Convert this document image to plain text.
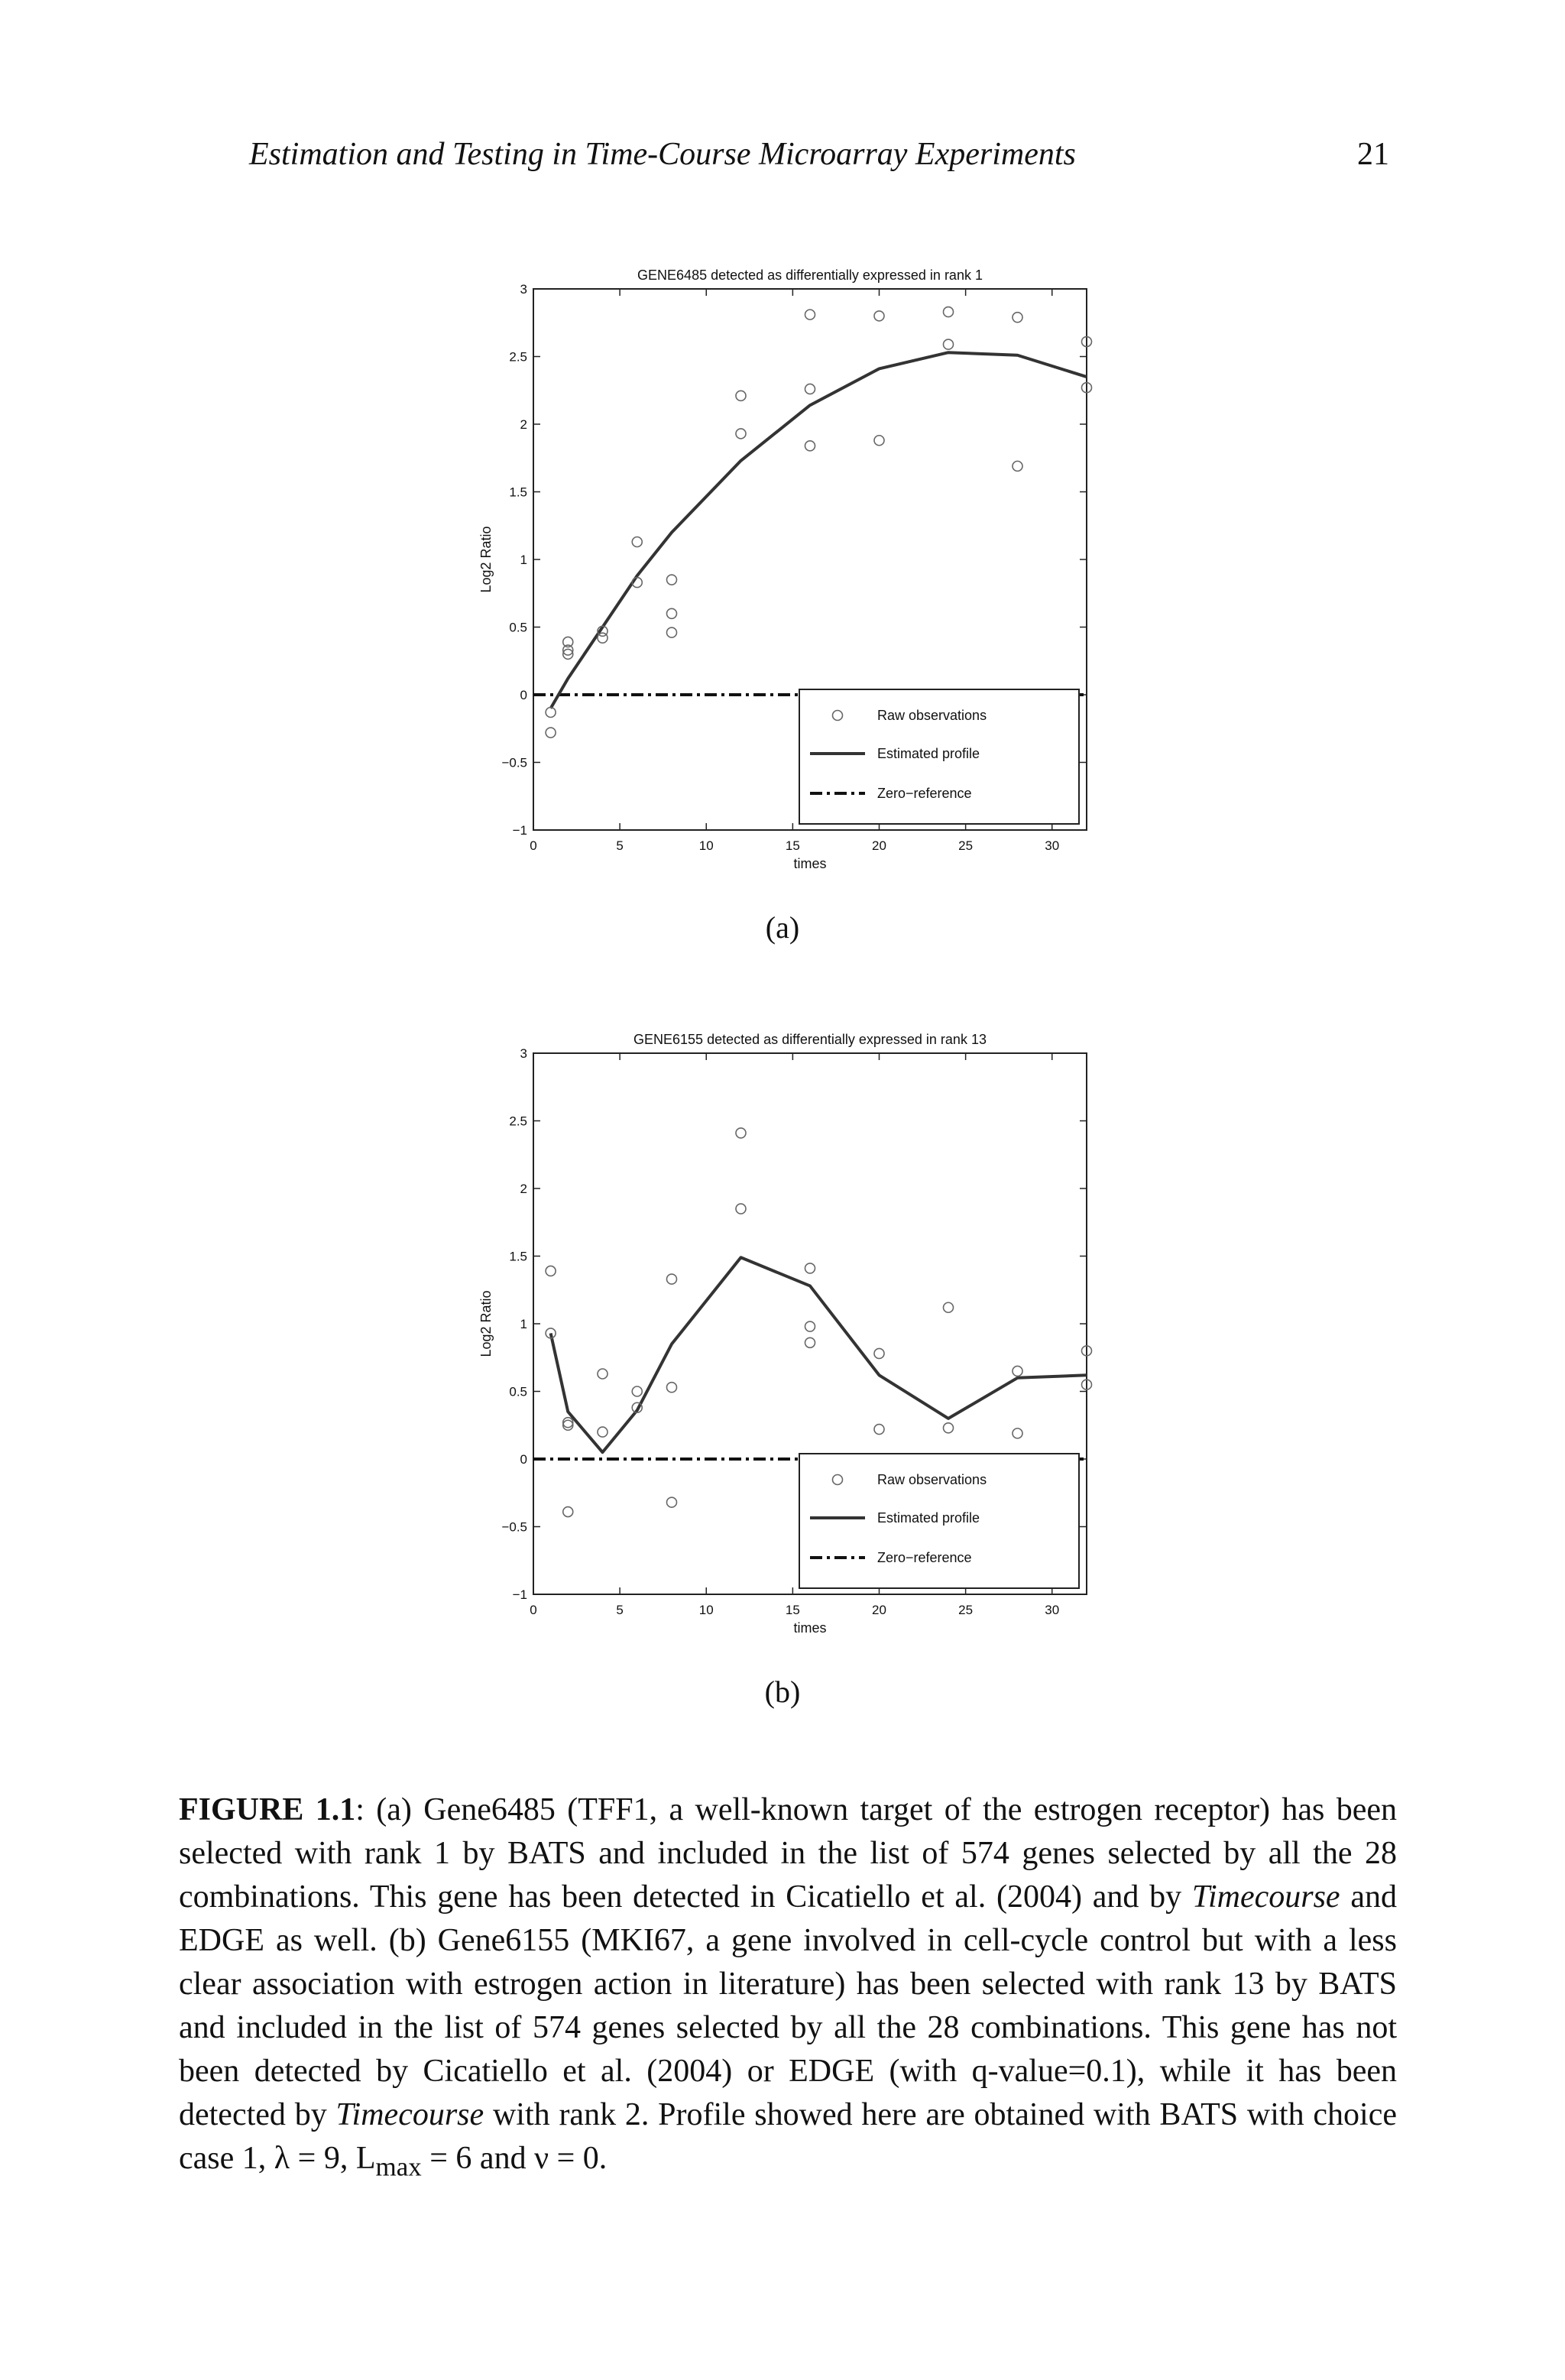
Estimation and Testing in Time-Course Microarray Experiments	21
0	5	10	15	20	25	30
−1
−0.5
0
0.5
1
1.5
2
2.5
3
GENE6485 detected as differentially expressed in rank 1
times
Log2 Ratio
Raw observations
Estimated profile
Zero−reference
(a)
0	5	10	15	20	25	30
−1
−0.5
0
0.5
1
1.5
2
2.5
3
GENE6155 detected as differentially expressed in rank 13
times
Log2 Ratio
Raw observations
Estimated profile
Zero−reference
(b)
FIGURE 1.1: (a) Gene6485 (TFF1, a well-known target of the estrogen receptor) has been selected with rank 1 by BATS and included in the list of 574 genes selected by all the 28 combinations. This gene has been detected in Cicatiello et al. (2004) and by Timecourse and EDGE as well. (b) Gene6155 (MKI67, a gene involved in cell-cycle control but with a less clear association with estrogen action in literature) has been selected with rank 13 by BATS and included in the list of 574 genes selected by all the 28 combinations. This gene has not been detected by Cicatiello et al. (2004) or EDGE (with q-value=0.1), while it has been detected by Timecourse with rank 2. Profile showed here are obtained with BATS with choice case 1, λ = 9, $L_{max} = 6$ and ν = 0.
